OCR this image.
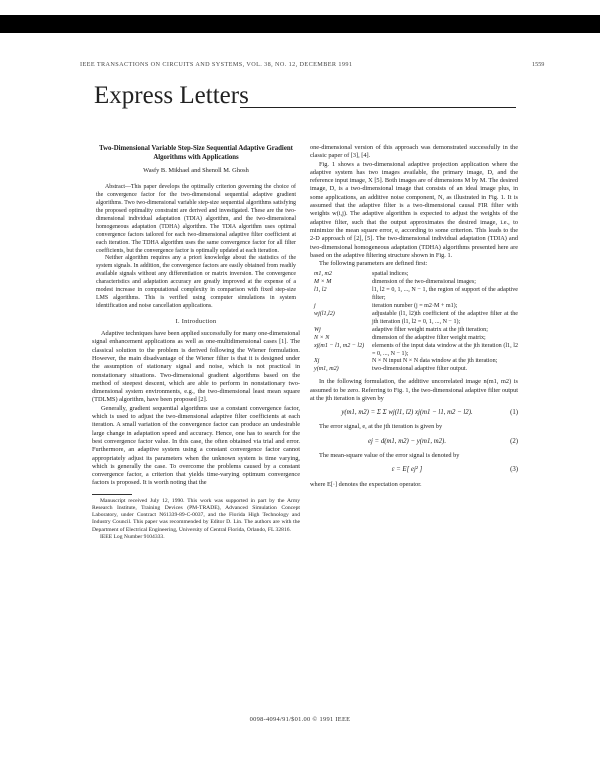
IEEE TRANSACTIONS ON CIRCUITS AND SYSTEMS, VOL. 38, NO. 12, DECEMBER 1991	1559
Express Letters
Two-Dimensional Variable Step-Size Sequential Adaptive Gradient Algorithms with Applications
Wasfy B. Mikhael and Shenoll M. Ghosh
Abstract—This paper develops the optimally criterion governing the choice of the convergence factor for the two-dimensional sequential adaptive gradient algorithms. Two two-dimensional variable step-size sequential algorithms satisfying the proposed optimality constraint are derived and investigated. These are the two-dimensional individual adaptation (TDIA) algorithm, and the two-dimensional homogeneous adaptation (TDHA) algorithm. The TDIA algorithm uses optimal convergence factors tailored for each two-dimensional adaptive filter coefficient at each iteration. The TDHA algorithm uses the same convergence factor for all filter coefficients, but the convergence factor is optimally updated at each iteration.
Neither algorithm requires any a priori knowledge about the statistics of the system signals. In addition, the convergence factors are easily obtained from readily available signals without any differentiation or matrix inversion. The convergence characteristics and adaptation accuracy are greatly improved at the expense of a modest increase in computational complexity in comparison with fixed step-size LMS algorithms. This is verified using computer simulations in system identification and noise cancellation applications.
I. Introduction
Adaptive techniques have been applied successfully for many one-dimensional signal enhancement applications as well as one-multidimensional cases [1]. The classical solution to the problem is derived following the Wiener formulation. However, the main disadvantage of the Wiener filter is that it is designed under the assumption of stationary signal and noise, which is not practical in nonstationary situations. Two-dimensional gradient algorithms based on the method of steepest descent, which are able to perform in nonstationary two-dimensional system environments, e.g., the two-dimensional least mean square (TDLMS) algorithm, have been proposed [2].
Generally, gradient sequential algorithms use a constant convergence factor, which is used to adjust the two-dimensional adaptive filter coefficients at each iteration. A small variation of the convergence factor can produce an undesirable large change in adaptation speed and accuracy. Hence, one has to search for the best convergence factor value. In this case, the often obtained via trial and error. Furthermore, an adaptive system using a constant convergence factor cannot appropriately adjust its parameters when the unknown system is time varying, which is generally the case. To overcome the problems caused by a constant convergence factor, a criterion that yields time-varying optimum convergence factors is proposed. It is worth noting that the
Manuscript received July 12, 1990. This work was supported in part by the Army Research Institute, Training Devices (PM-TRADE), Advanced Simulation Concept Laboratory, under Contract N61339-89-C-0037, and the Florida High Technology and Industry Council. This paper was recommended by Editor D. Lin. The authors are with the Department of Electrical Engineering, University of Central Florida, Orlando, FL 32816.
IEEE Log Number 9104333.
one-dimensional version of this approach was demonstrated successfully in the classic paper of [3], [4].
Fig. 1 shows a two-dimensional adaptive projection application where the adaptive system has two images available, the primary image, D, and the reference input image, X [5]. Both images are of dimensions M by M. The desired image, D, is a two-dimensional image that consists of an ideal image plus, in some applications, an additive noise component, N, as illustrated in Fig. 1. It is assumed that the adaptive filter is a two-dimensional causal FIR filter with weights w(i,j). The adaptive algorithm is expected to adjust the weights of the adaptive filter, such that the output approximates the desired image, i.e., to minimize the mean square error, e, according to some criterion. This leads to the 2-D approach of [2], [5]. The two-dimensional individual adaptation (TDIA) and two-dimensional homogeneous adaptation (TDHA) algorithms presented here are based on the adaptive filtering structure shown in Fig. 1.
The following parameters are defined first:
m1, m2	spatial indices;
M × M	dimension of the two-dimensional images;
l1, l2	l1, l2 = 0, 1, ..., N − 1, the region of support of the adaptive filter;
j	iteration number (j = m2·M + m1);
wj(l1,l2)	adjustable (l1, l2)th coefficient of the adaptive filter at the jth iteration (l1, l2 = 0, 1, ..., N − 1);
Wj	adaptive filter weight matrix at the jth iteration;
N × N	dimension of the adaptive filter weight matrix;
xj(m1 − l1, m2 − l2)	elements of the input data window at the jth iteration (l1, l2 = 0, ..., N − 1);
Xj	N × N input N × N data window at the jth iteration;
y(m1, m2)	two-dimensional adaptive filter output.
In the following formulation, the additive uncorrelated image n(m1, m2) is assumed to be zero. Referring to Fig. 1, the two-dimensional adaptive filter output at the jth iteration is given by
y(m1, m2) = Σ Σ wj(l1, l2) xj(m1 − l1, m2 − l2).	(1)
The error signal, e, at the jth iteration is given by
ej = d(m1, m2) − y(m1, m2).	(2)
The mean-square value of the error signal is denoted by
ε = E[ ej² ]	(3)
where E[·] denotes the expectation operator.
0098-4094/91/$01.00 © 1991 IEEE
